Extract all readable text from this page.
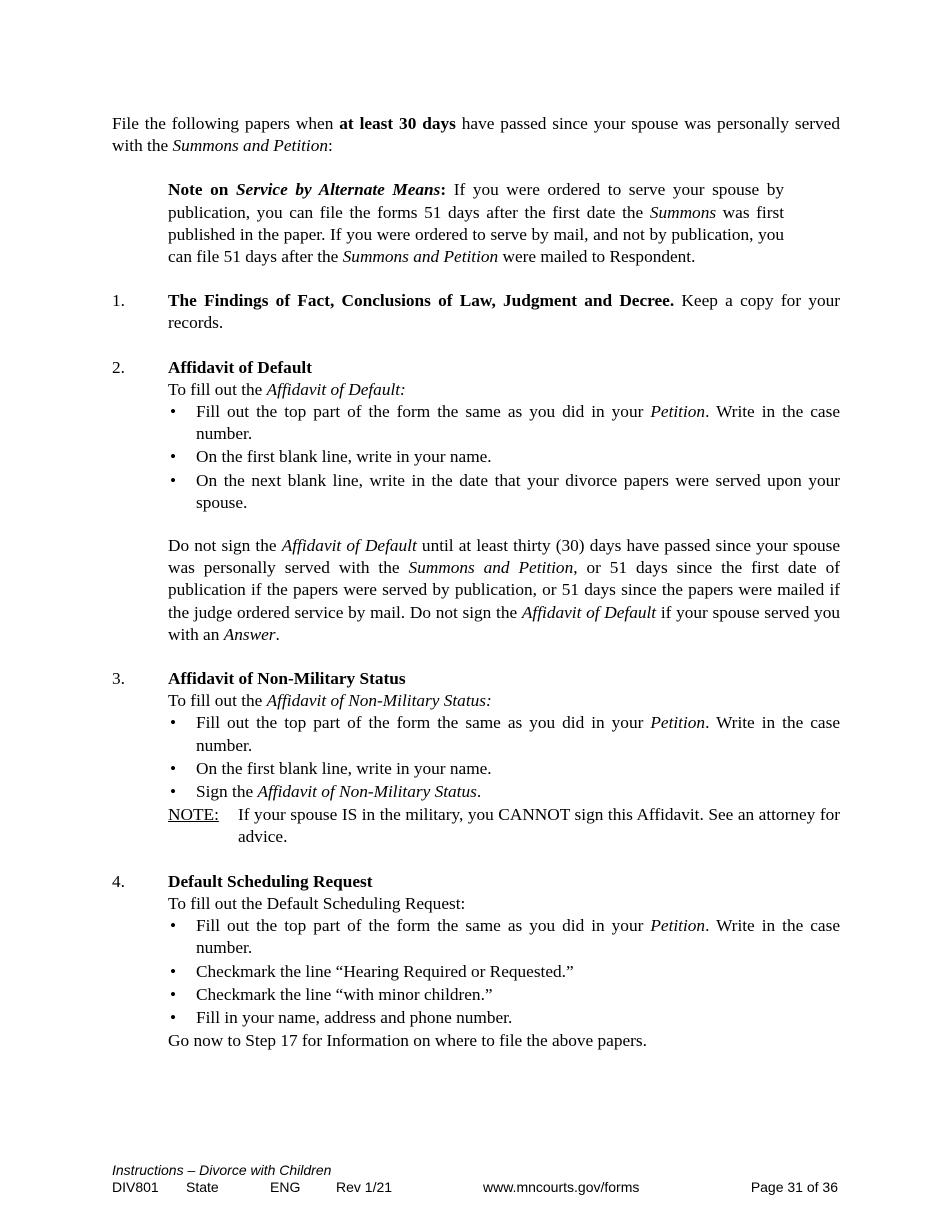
File the following papers when at least 30 days have passed since your spouse was personally served with the Summons and Petition:

Note on Service by Alternate Means: If you were ordered to serve your spouse by publication, you can file the forms 51 days after the first date the Summons was first published in the paper. If you were ordered to serve by mail, and not by publication, you can file 51 days after the Summons and Petition were mailed to Respondent.

1. The Findings of Fact, Conclusions of Law, Judgment and Decree. Keep a copy for your records.

2. Affidavit of Default

To fill out the Affidavit of Default:

• Fill out the top part of the form the same as you did in your Petition. Write in the case number.
• On the first blank line, write in your name.
• On the next blank line, write in the date that your divorce papers were served upon your spouse.

Do not sign the Affidavit of Default until at least thirty (30) days have passed since your spouse was personally served with the Summons and Petition, or 51 days since the first date of publication if the papers were served by publication, or 51 days since the papers were mailed if the judge ordered service by mail. Do not sign the Affidavit of Default if your spouse served you with an Answer.

3. Affidavit of Non-Military Status

To fill out the Affidavit of Non-Military Status:

• Fill out the top part of the form the same as you did in your Petition. Write in the case number.
• On the first blank line, write in your name.
• Sign the Affidavit of Non-Military Status.

NOTE: If your spouse IS in the military, you CANNOT sign this Affidavit. See an attorney for advice.

4. Default Scheduling Request

To fill out the Default Scheduling Request:

• Fill out the top part of the form the same as you did in your Petition. Write in the case number.
• Checkmark the line “Hearing Required or Requested.”
• Checkmark the line “with minor children.”
• Fill in your name, address and phone number.

Go now to Step 17 for Information on where to file the above papers.

Instructions – Divorce with Children
DIV801 State	ENG	Rev 1/21	www.mncourts.gov/forms	Page 31 of 36
